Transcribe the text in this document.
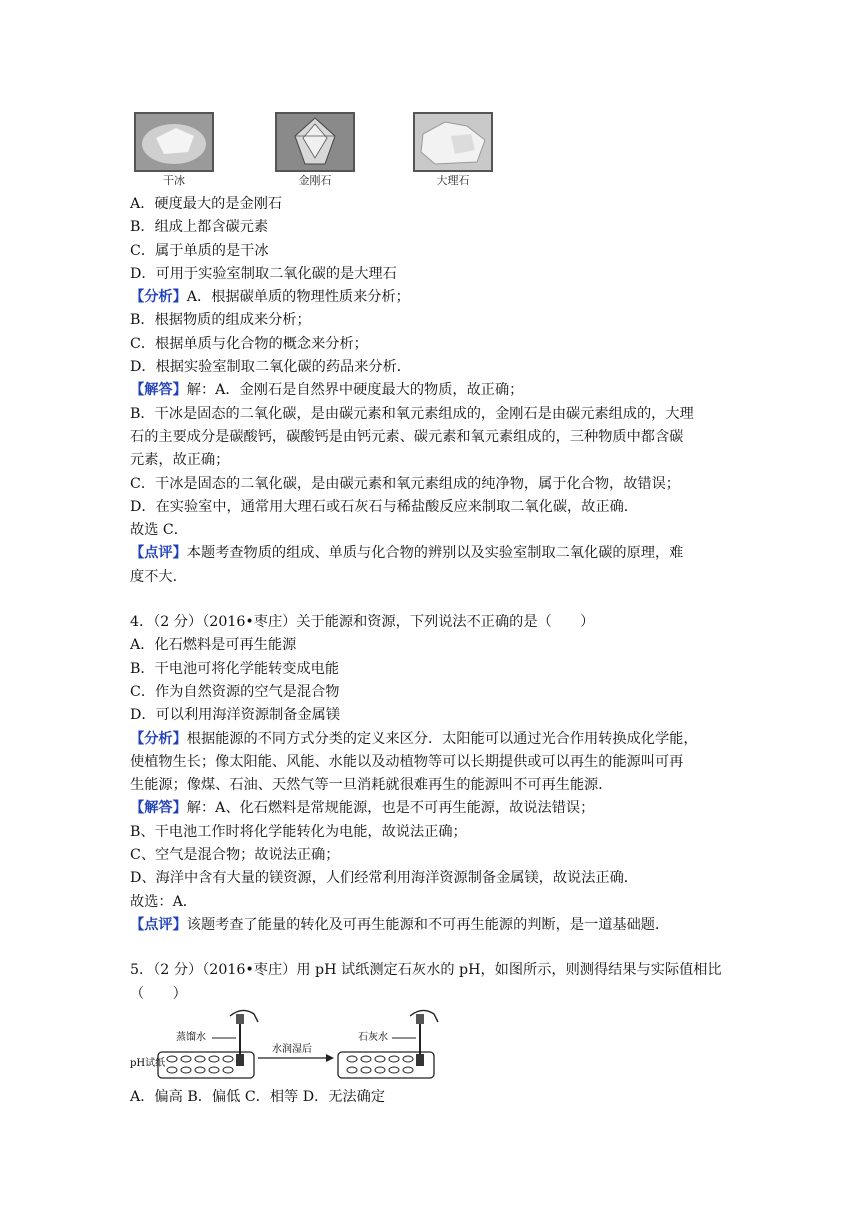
干冰	金刚石	大理石
A．硬度最大的是金刚石
B．组成上都含碳元素
C．属于单质的是干冰
D．可用于实验室制取二氧化碳的是大理石
【分析】A．根据碳单质的物理性质来分析；
B．根据物质的组成来分析；
C．根据单质与化合物的概念来分析；
D．根据实验室制取二氧化碳的药品来分析．
【解答】解：A．金刚石是自然界中硬度最大的物质，故正确；
B．干冰是固态的二氧化碳，是由碳元素和氧元素组成的，金刚石是由碳元素组成的，大理
石的主要成分是碳酸钙，碳酸钙是由钙元素、碳元素和氧元素组成的，三种物质中都含碳
元素，故正确；
C．干冰是固态的二氧化碳，是由碳元素和氧元素组成的纯净物，属于化合物，故错误；
D．在实验室中，通常用大理石或石灰石与稀盐酸反应来制取二氧化碳，故正确．
故选 C．
【点评】本题考查物质的组成、单质与化合物的辨别以及实验室制取二氧化碳的原理，难
度不大．
4．（2 分）（2016•枣庄）关于能源和资源，下列说法不正确的是（　　）
A．化石燃料是可再生能源
B．干电池可将化学能转变成电能
C．作为自然资源的空气是混合物
D．可以利用海洋资源制备金属镁
【分析】根据能源的不同方式分类的定义来区分．太阳能可以通过光合作用转换成化学能，
使植物生长；像太阳能、风能、水能以及动植物等可以长期提供或可以再生的能源叫可再
生能源；像煤、石油、天然气等一旦消耗就很难再生的能源叫不可再生能源．
【解答】解：A、化石燃料是常规能源，也是不可再生能源，故说法错误；
B、干电池工作时将化学能转化为电能，故说法正确；
C、空气是混合物；故说法正确；
D、海洋中含有大量的镁资源，人们经常利用海洋资源制备金属镁，故说法正确．
故选：A．
【点评】该题考查了能量的转化及可再生能源和不可再生能源的判断，是一道基础题．
5．（2 分）（2016•枣庄）用 pH 试纸测定石灰水的 pH，如图所示，则测得结果与实际值相比
（　　）
蒸馏水
水润湿后
pH试纸
石灰水
A．偏高 B．偏低 C．相等 D．无法确定
